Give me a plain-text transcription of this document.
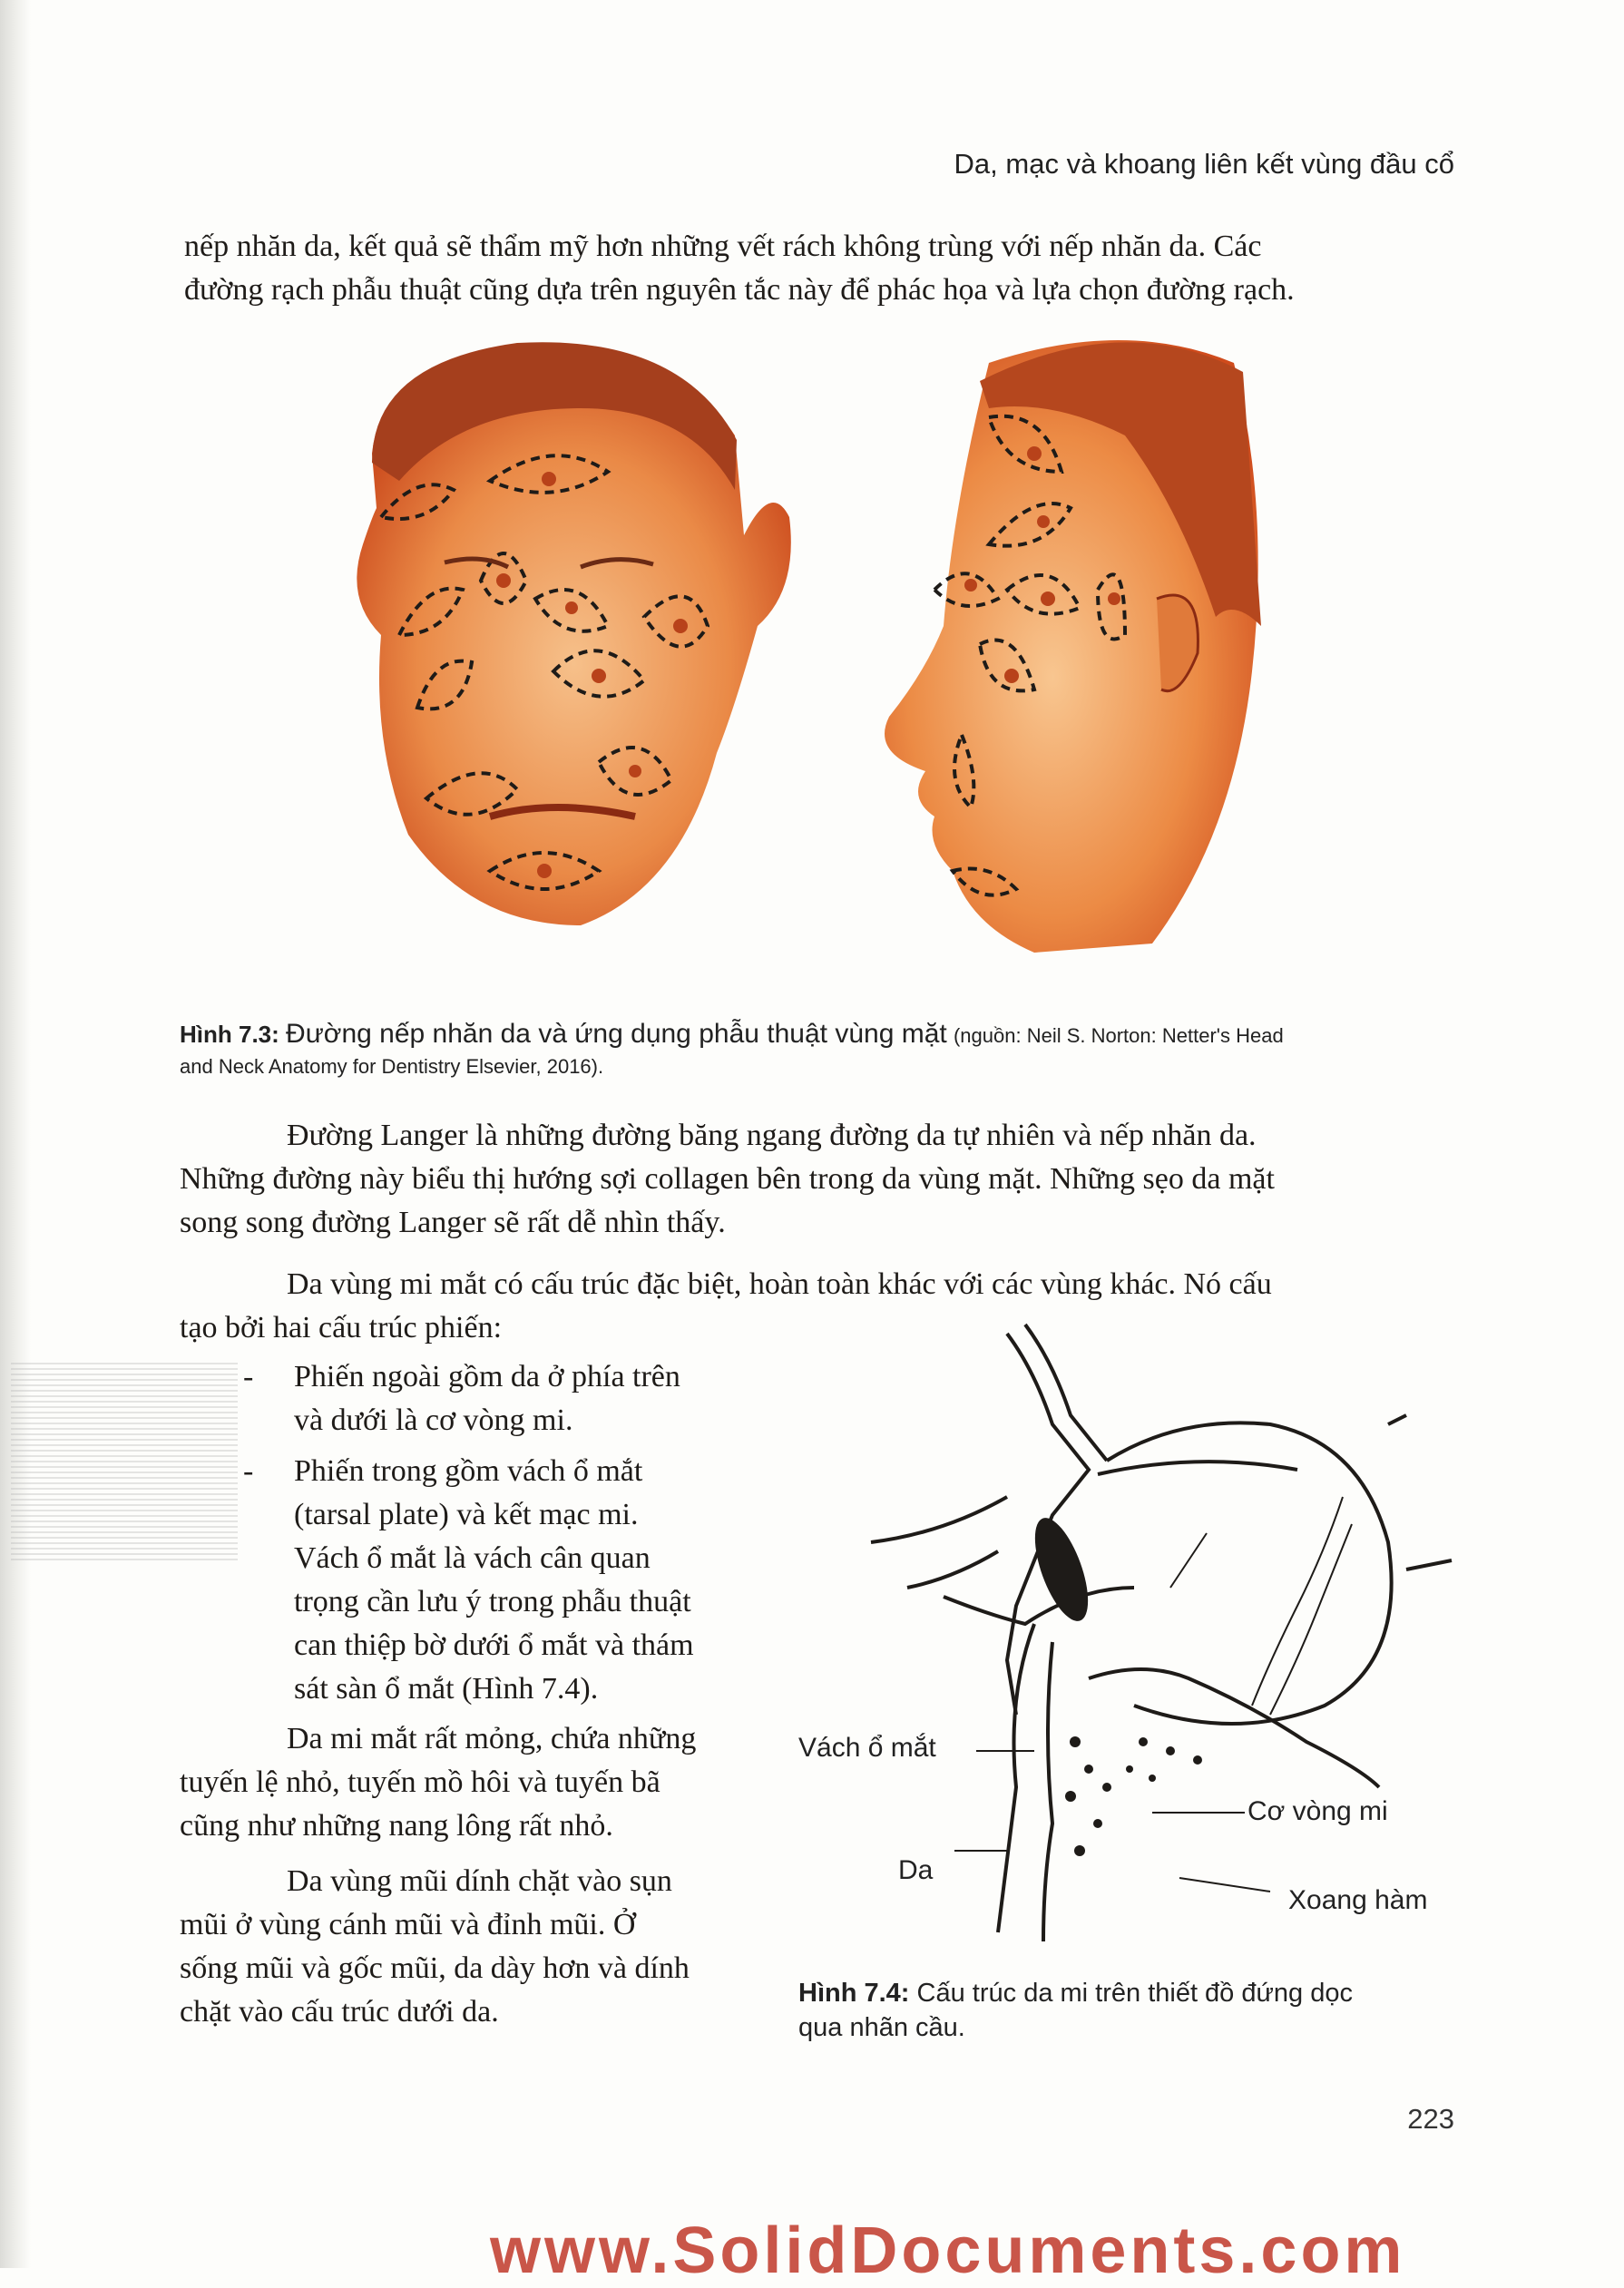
Da, mạc và khoang liên kết vùng đầu cổ

nếp nhăn da, kết quả sẽ thẩm mỹ hơn những vết rách không trùng với nếp nhăn da. Các
đường rạch phẫu thuật cũng dựa trên nguyên tắc này để phác họa và lựa chọn đường rạch.

Hình 7.3: Đường nếp nhăn da và ứng dụng phẫu thuật vùng mặt (nguồn: Neil S. Norton: Netter's Head
and Neck Anatomy for Dentistry Elsevier, 2016).

Đường Langer là những đường băng ngang đường da tự nhiên và nếp nhăn da.
Những đường này biểu thị hướng sợi collagen bên trong da vùng mặt. Những sẹo da mặt
song song đường Langer sẽ rất dễ nhìn thấy.

Da vùng mi mắt có cấu trúc đặc biệt, hoàn toàn khác với các vùng khác. Nó cấu
tạo bởi hai cấu trúc phiến:

- Phiến ngoài gồm da ở phía trên
và dưới là cơ vòng mi.
- Phiến trong gồm vách ổ mắt
(tarsal plate) và kết mạc mi.
Vách ổ mắt là vách cân quan
trọng cần lưu ý trong phẫu thuật
can thiệp bờ dưới ổ mắt và thám
sát sàn ổ mắt (Hình 7.4).

Da mi mắt rất mỏng, chứa những
tuyến lệ nhỏ, tuyến mồ hôi và tuyến bã
cũng như những nang lông rất nhỏ.

Da vùng mũi dính chặt vào sụn
mũi ở vùng cánh mũi và đỉnh mũi. Ở
sống mũi và gốc mũi, da dày hơn và dính
chặt vào cấu trúc dưới da.

Vách ổ mắt
Cơ vòng mi
Da
Xoang hàm
Hình 7.4: Cấu trúc da mi trên thiết đồ đứng dọc
qua nhãn cầu.
223
www.SolidDocuments.com
